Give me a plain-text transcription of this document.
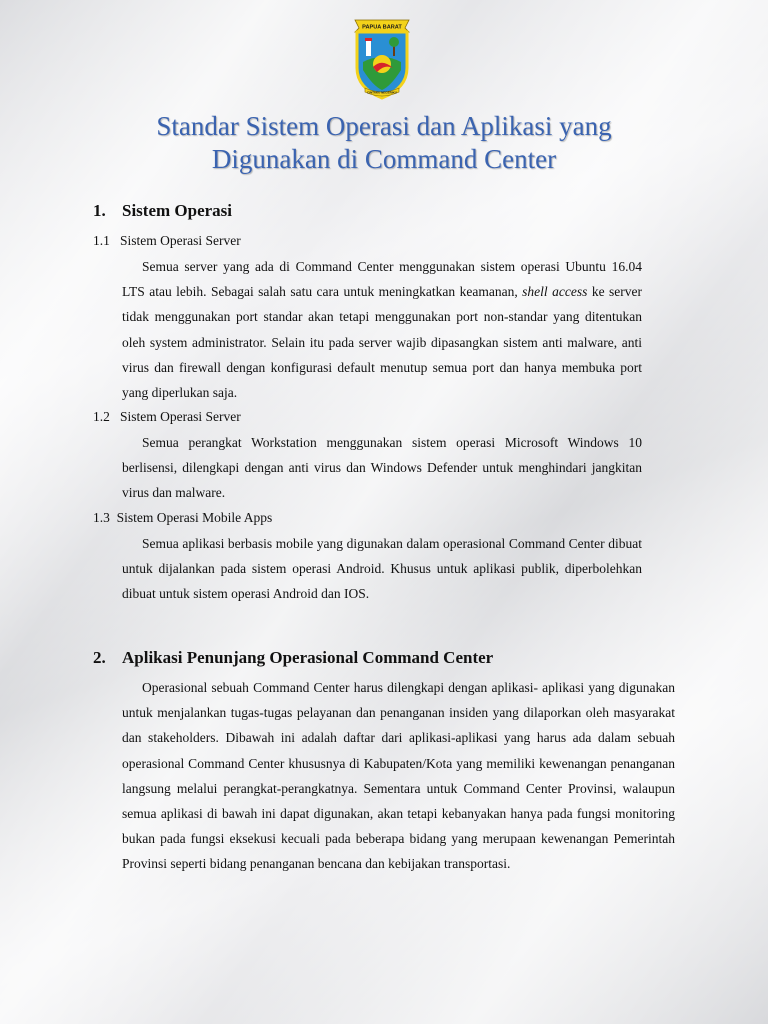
PAPUA BARAT
CINTAKU NEGERIKU
Standar Sistem Operasi dan Aplikasi yang
Digunakan di Command Center
1. Sistem Operasi
1.1 Sistem Operasi Server

Semua server yang ada di Command Center menggunakan sistem operasi Ubuntu 16.04 LTS atau lebih. Sebagai salah satu cara untuk meningkatkan keamanan, shell access ke server tidak menggunakan port standar akan tetapi menggunakan port non-standar yang ditentukan oleh system administrator. Selain itu pada server wajib dipasangkan sistem anti malware, anti virus dan firewall dengan konfigurasi default menutup semua port dan hanya membuka port yang diperlukan saja.

1.2 Sistem Operasi Server

Semua perangkat Workstation menggunakan sistem operasi Microsoft Windows 10 berlisensi, dilengkapi dengan anti virus dan Windows Defender untuk menghindari jangkitan virus dan malware.

1.3 Sistem Operasi Mobile Apps

Semua aplikasi berbasis mobile yang digunakan dalam operasional Command Center dibuat untuk dijalankan pada sistem operasi Android. Khusus untuk aplikasi publik, diperbolehkan dibuat untuk sistem operasi Android dan IOS.

2. Aplikasi Penunjang Operasional Command Center

Operasional sebuah Command Center harus dilengkapi dengan aplikasi- aplikasi yang digunakan untuk menjalankan tugas-tugas pelayanan dan penanganan insiden yang dilaporkan oleh masyarakat dan stakeholders. Dibawah ini adalah daftar dari aplikasi-aplikasi yang harus ada dalam sebuah operasional Command Center khususnya di Kabupaten/Kota yang memiliki kewenangan penanganan langsung melalui perangkat-perangkatnya. Sementara untuk Command Center Provinsi, walaupun semua aplikasi di bawah ini dapat digunakan, akan tetapi kebanyakan hanya pada fungsi monitoring bukan pada fungsi eksekusi kecuali pada beberapa bidang yang merupaan kewenangan Pemerintah Provinsi seperti bidang penanganan bencana dan kebijakan transportasi.
